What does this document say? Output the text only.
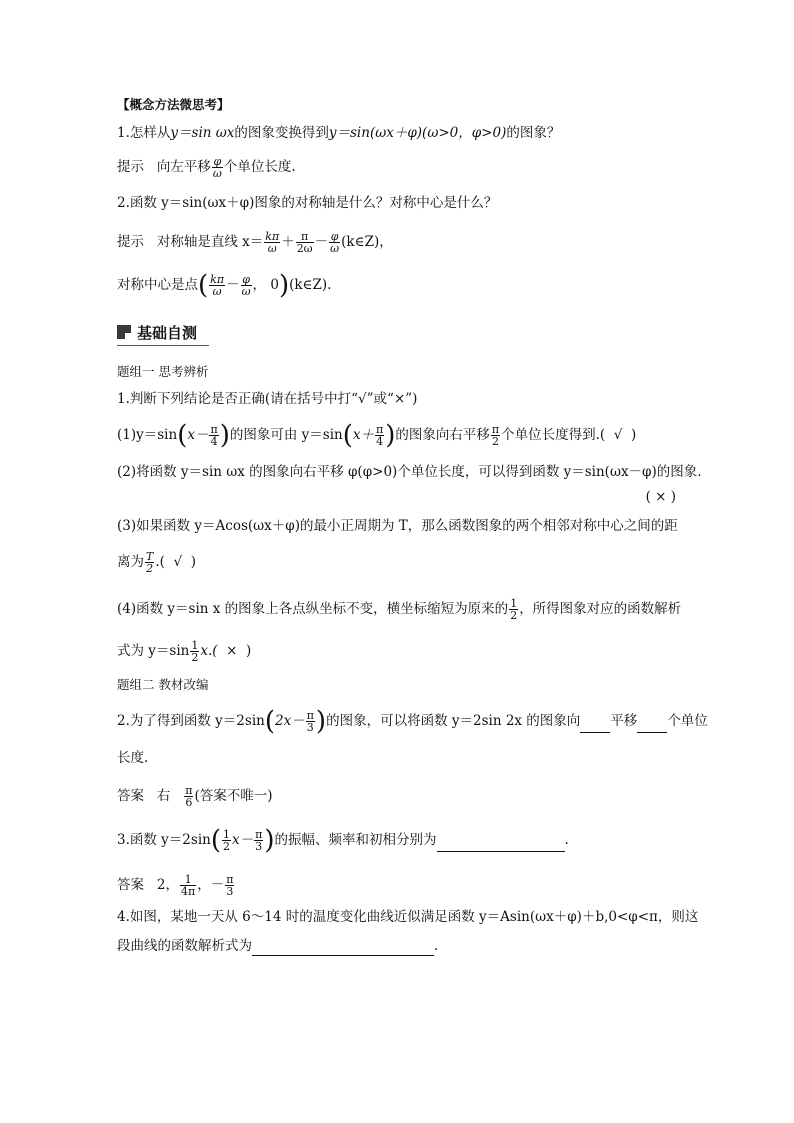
【概念方法微思考】
1.怎样从y＝sin ωx的图象变换得到y＝sin(ωx＋φ)(ω>0，φ>0)的图象？
提示 向左平移 $\frac{\varphi}{\omega}$ 个单位长度.
2.函数 y＝sin(ωx＋φ)图象的对称轴是什么？对称中心是什么？
提示 对称轴是直线 $x= \frac{k\pi}{\omega} + \frac{\pi}{2\omega} - \frac{\varphi}{\omega}$ (k∈Z)，
对称中心是点( $\frac{k\pi}{\omega} - \frac{\varphi}{\omega}$ ， 0)(k∈Z).
基础自测
题组一 思考辨析
1.判断下列结论是否正确(请在括号中打“√”或“×”)
$(1)y=\sin(x- \frac{\pi}{4}$ )的图象可由 $y=\sin(x+ \frac{\pi}{4}$ )的图象向右平移 $\frac{\pi}{2}$ 个单位长度得到.( √ )
(2)将函数 y＝sin ωx 的图象向右平移 φ(φ>0)个单位长度，可以得到函数 y＝sin(ωx－φ)的图象.
( × )
(3)如果函数 y＝Acos(ωx＋φ)的最小正周期为 T，那么函数图象的两个相邻对称中心之间的距
离为 $\frac{T}{2}$ .( √ )
(4)函数 y＝sin x 的图象上各点纵坐标不变，横坐标缩短为原来的 $\frac{1}{2}$ ，所得图象对应的函数解析
式为 $y=\sin \frac{1}{2} x$.( × )
题组二 教材改编
2.为了得到函数 $y=2\sin(2x- \frac{\pi}{3}$ )的图象，可以将函数 y＝2sin 2x 的图象向 平移 个单位
长度.
答案 右 $\frac{\pi}{6}$ (答案不唯一)
3.函数 $y=2\sin( \frac{1}{2} x- \frac{\pi}{3}$ )的振幅、频率和初相分别为	.
答案 2， $\frac{1}{4\pi}$ ，－ $\frac{\pi}{3}$
4.如图，某地一天从 6～14 时的温度变化曲线近似满足函数 y＝Asin(ωx＋φ)＋b,0<φ<π，则这
段曲线的函数解析式为	.
